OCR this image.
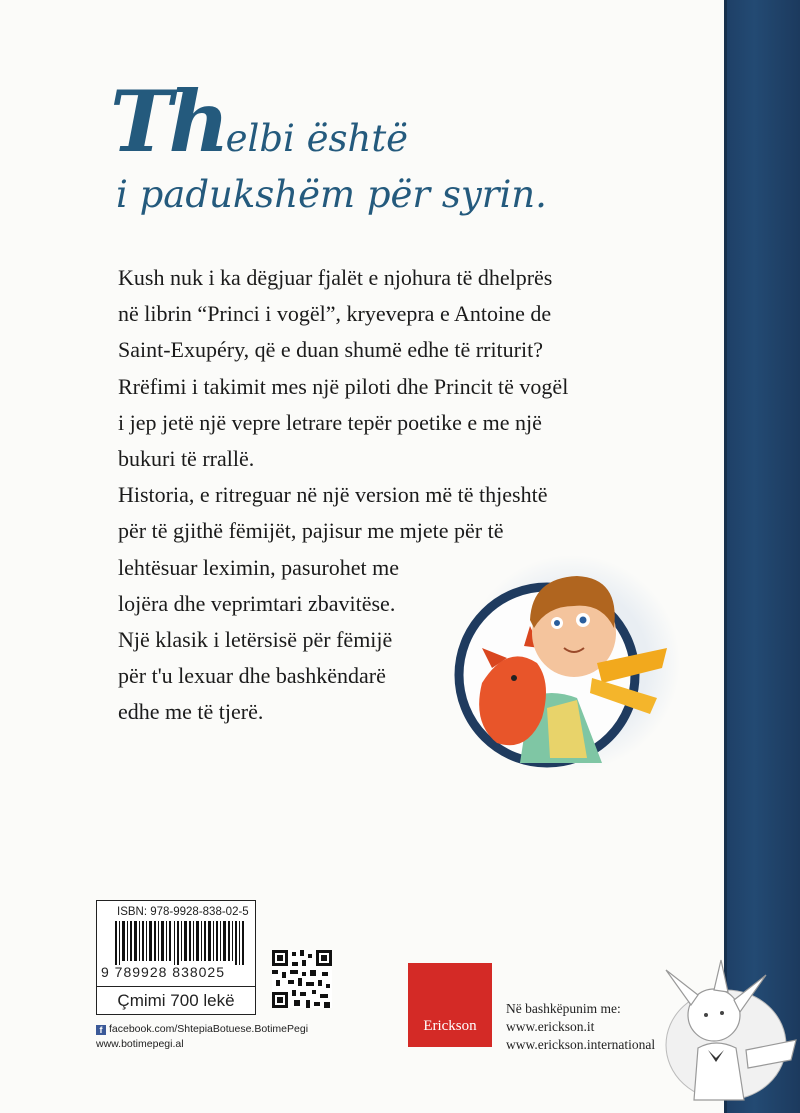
Thelbi është
i padukshëm për syrin.

Kush nuk i ka dëgjuar fjalët e njohura të dhelprës

në librin “Princi i vogël”, kryevepra e Antoine de

Saint-Exupéry, që e duan shumë edhe të rriturit?

Rrëfimi i takimit mes një piloti dhe Princit të vogël

i jep jetë një vepre letrare tepër poetike e me një

bukuri të rrallë.

Historia, e ritreguar në një version më të thjeshtë

për të gjithë fëmijët, pajisur me mjete për të

lehtësuar leximin, pasurohet me

lojëra dhe veprimtari zbavitëse.

Një klasik i letërsisë për fëmijë

për t'u lexuar dhe bashkëndarë

edhe me të tjerë.

ISBN: 978-9928-838-02-5
9 789928 838025
Çmimi 700 lekë
f facebook.com/ShtepiaBotuese.BotimePegi
www.botimepegi.al
Erickson
Në bashkëpunim me:
www.erickson.it
www.erickson.international
